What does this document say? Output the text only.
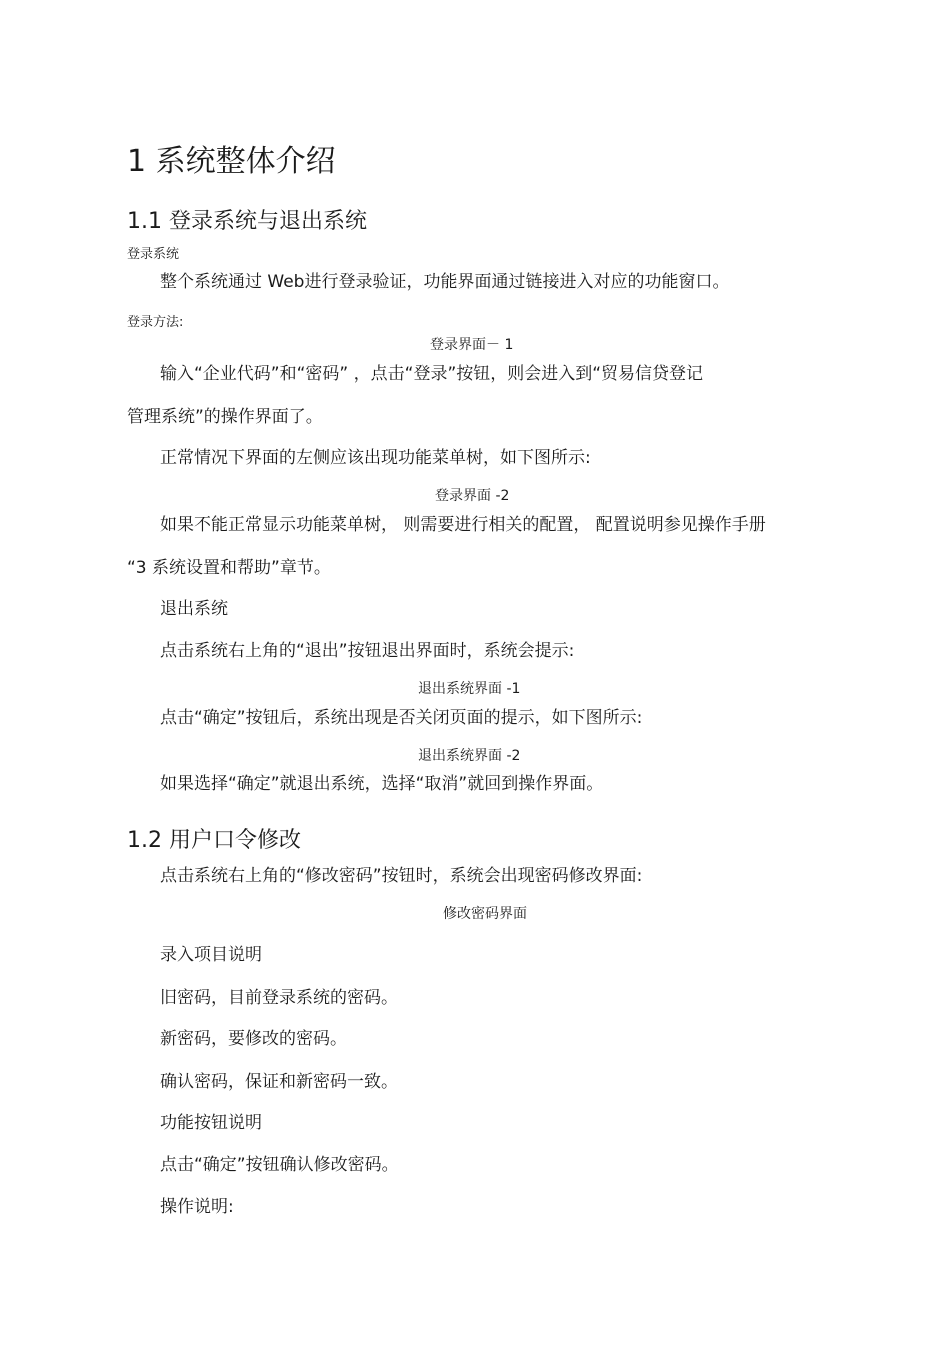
1 系统整体介绍
1.1 登录系统与退出系统
登录系统
整个系统通过 Web进行登录验证，功能界面通过链接进入对应的功能窗口。
登录方法:
登录界面－ 1
输入“企业代码”和“密码” ，点击“登录”按钮，则会进入到“贸易信贷登记
管理系统”的操作界面了。
正常情况下界面的左侧应该出现功能菜单树，如下图所示:
登录界面 -2
如果不能正常显示功能菜单树， 则需要进行相关的配置， 配置说明参见操作手册
“3 系统设置和帮助”章节。
退出系统
点击系统右上角的“退出”按钮退出界面时，系统会提示:
退出系统界面 -1
点击“确定”按钮后，系统出现是否关闭页面的提示，如下图所示:
退出系统界面 -2
如果选择“确定”就退出系统，选择“取消”就回到操作界面。
1.2 用户口令修改
点击系统右上角的“修改密码”按钮时，系统会出现密码修改界面:
修改密码界面
录入项目说明
旧密码，目前登录系统的密码。
新密码，要修改的密码。
确认密码，保证和新密码一致。
功能按钮说明
点击“确定”按钮确认修改密码。
操作说明:
